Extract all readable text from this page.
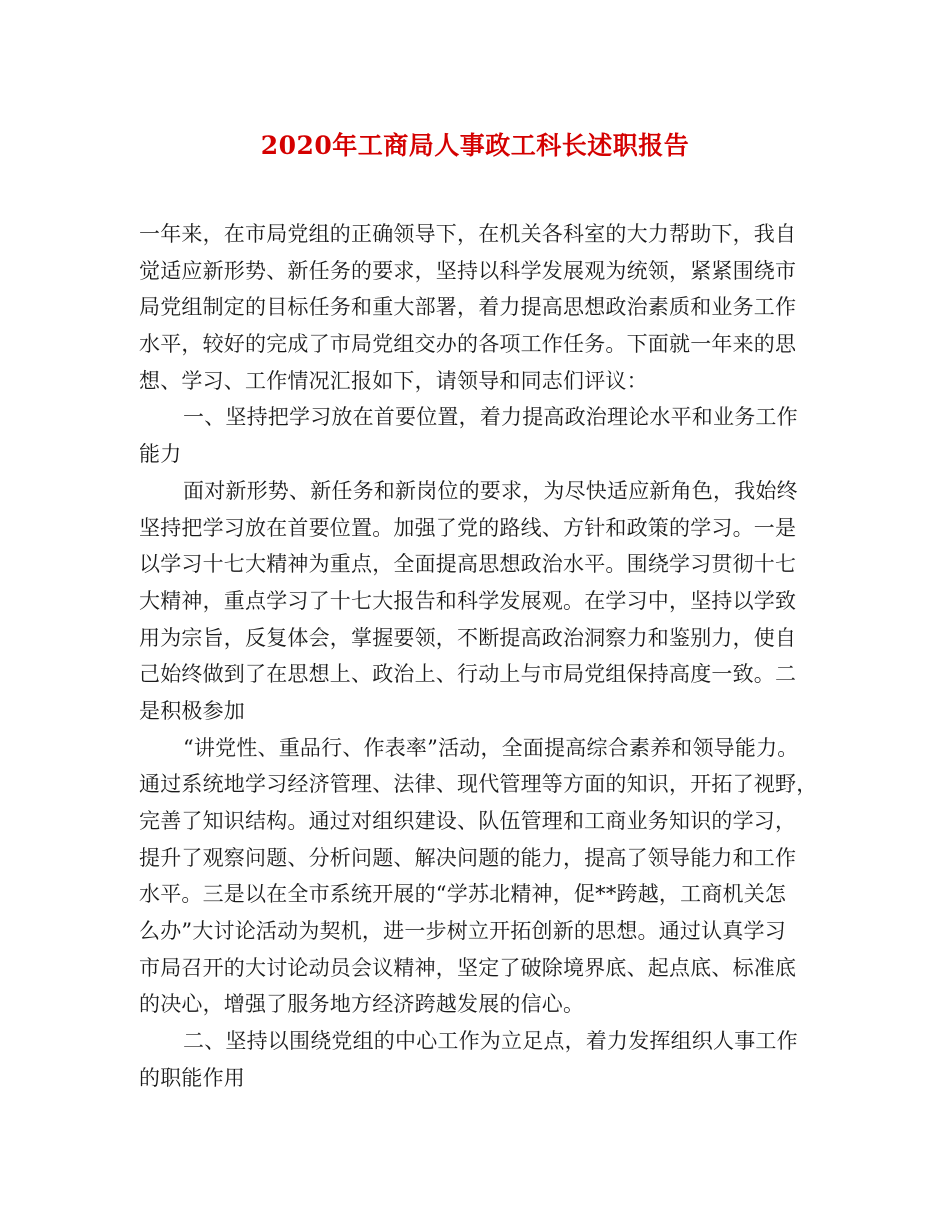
2020年工商局人事政工科长述职报告
一年来，在市局党组的正确领导下，在机关各科室的大力帮助下，我自
觉适应新形势、新任务的要求，坚持以科学发展观为统领，紧紧围绕市
局党组制定的目标任务和重大部署，着力提高思想政治素质和业务工作
水平，较好的完成了市局党组交办的各项工作任务。下面就一年来的思
想、学习、工作情况汇报如下，请领导和同志们评议：
一、坚持把学习放在首要位置，着力提高政治理论水平和业务工作
能力
面对新形势、新任务和新岗位的要求，为尽快适应新角色，我始终
坚持把学习放在首要位置。加强了党的路线、方针和政策的学习。一是
以学习十七大精神为重点，全面提高思想政治水平。围绕学习贯彻十七
大精神，重点学习了十七大报告和科学发展观。在学习中，坚持以学致
用为宗旨，反复体会，掌握要领，不断提高政治洞察力和鉴别力，使自
己始终做到了在思想上、政治上、行动上与市局党组保持高度一致。二
是积极参加
“讲党性、重品行、作表率”活动，全面提高综合素养和领导能力。
通过系统地学习经济管理、法律、现代管理等方面的知识，开拓了视野，
完善了知识结构。通过对组织建设、队伍管理和工商业务知识的学习，
提升了观察问题、分析问题、解决问题的能力，提高了领导能力和工作
水平。三是以在全市系统开展的“学苏北精神，促**跨越，工商机关怎
么办”大讨论活动为契机，进一步树立开拓创新的思想。通过认真学习
市局召开的大讨论动员会议精神，坚定了破除境界底、起点底、标准底
的决心，增强了服务地方经济跨越发展的信心。
二、坚持以围绕党组的中心工作为立足点，着力发挥组织人事工作
的职能作用
